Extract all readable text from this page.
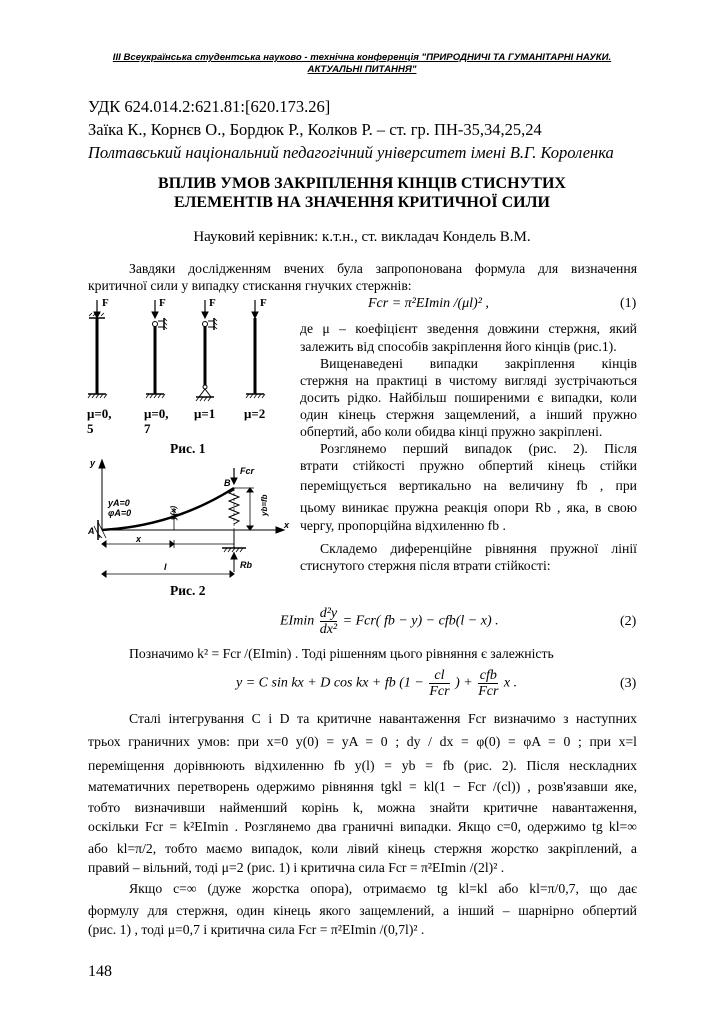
III Всеукраїнська студентська науково - технічна конференція "ПРИРОДНИЧІ ТА ГУМАНІТАРНІ НАУКИ.
АКТУАЛЬНІ ПИТАННЯ"
УДК 624.014.2:621.81:[620.173.26]
Заїка К., Корнєв О., Бордюк Р., Колков Р. – ст. гр. ПН-35,34,25,24
Полтавський національний педагогічний університет імені В.Г. Короленка
ВПЛИВ УМОВ ЗАКРІПЛЕННЯ КІНЦІВ СТИСНУТИХ
ЕЛЕМЕНТІВ НА ЗНАЧЕННЯ КРИТИЧНОЇ СИЛИ
Науковий керівник: к.т.н., ст. викладач Кондель В.М.
Завдяки дослідженням вчених була запропонована формула для визначення
критичної сили у випадку стискання гнучких стержнів:
F	F	F	F
μ=0,
5
μ=0,
7
μ=1 μ=2
Рис. 1
y
x
yA=0
φA=0	y(x)
A
B
Fcr
yb=fb
x
l	Rb
Рис. 2
Fcr = π²EImin /(μl)² ,	(1)
де μ – коефіцієнт зведення довжини стержня, який
залежить від способів закріплення його кінців (рис.1).
Вищенаведені випадки закріплення кінців
стержня на практиці в чистому вигляді зустрічаються
досить рідко. Найбільш поширеними є випадки, коли
один кінець стержня защемлений, а інший пружно
обпертий, або коли обидва кінці пружно закріплені.
Розглянемо перший випадок (рис. 2). Після
втрати стійкості пружно обпертий кінець стійки
переміщується вертикально на величину fb , при
цьому виникає пружна реакція опори Rb , яка, в свою
чергу, пропорційна відхиленню fb .
Складемо диференційне рівняння пружної лінії
стиснутого стержня після втрати стійкості:
EImin $\frac{\text{d²y}}{\text{dx²}} = Fcr$( fb − y) − cfb(l − x) .	(2)
Позначимо k² = Fcr /(EImin) . Тоді рішенням цього рівняння є залежність
y = C sin kx + D cos kx + fb ($1 - \frac{cl}{\text{Fcr}}$ ) + $\frac{\text{cfb}}{\text{Fcr}}$ x .	(3)
Сталі інтегрування C і D та критичне навантаження Fcr визначимо з наступних
трьох граничних умов: при x=0 y(0) = yA = 0 ; dy / dx = φ(0) = φA = 0 ; при x=l
переміщення дорівнюють відхиленню fb y(l) = yb = fb (рис. 2). Після нескладних
математичних перетворень одержимо рівняння tgkl = kl(1 − Fcr /(cl)) , розв'язавши яке,
тобто визначивши найменший корінь k, можна знайти критичне навантаження,
оскільки Fcr = k²EImin . Розглянемо два граничні випадки. Якщо c=0, одержимо tg kl=∞
або kl=π/2, тобто маємо випадок, коли лівий кінець стержня жорстко закріплений, а
правий – вільний, тоді μ=2 (рис. 1) і критична сила Fcr = π²EImin /(2l)² .
Якщо c=∞ (дуже жорстка опора), отримаємо tg kl=kl або kl=π/0,7, що дає
формулу для стержня, один кінець якого защемлений, а інший – шарнірно обпертий
(рис. 1) , тоді μ=0,7 і критична сила Fcr = π²EImin /(0,7l)² .
148
